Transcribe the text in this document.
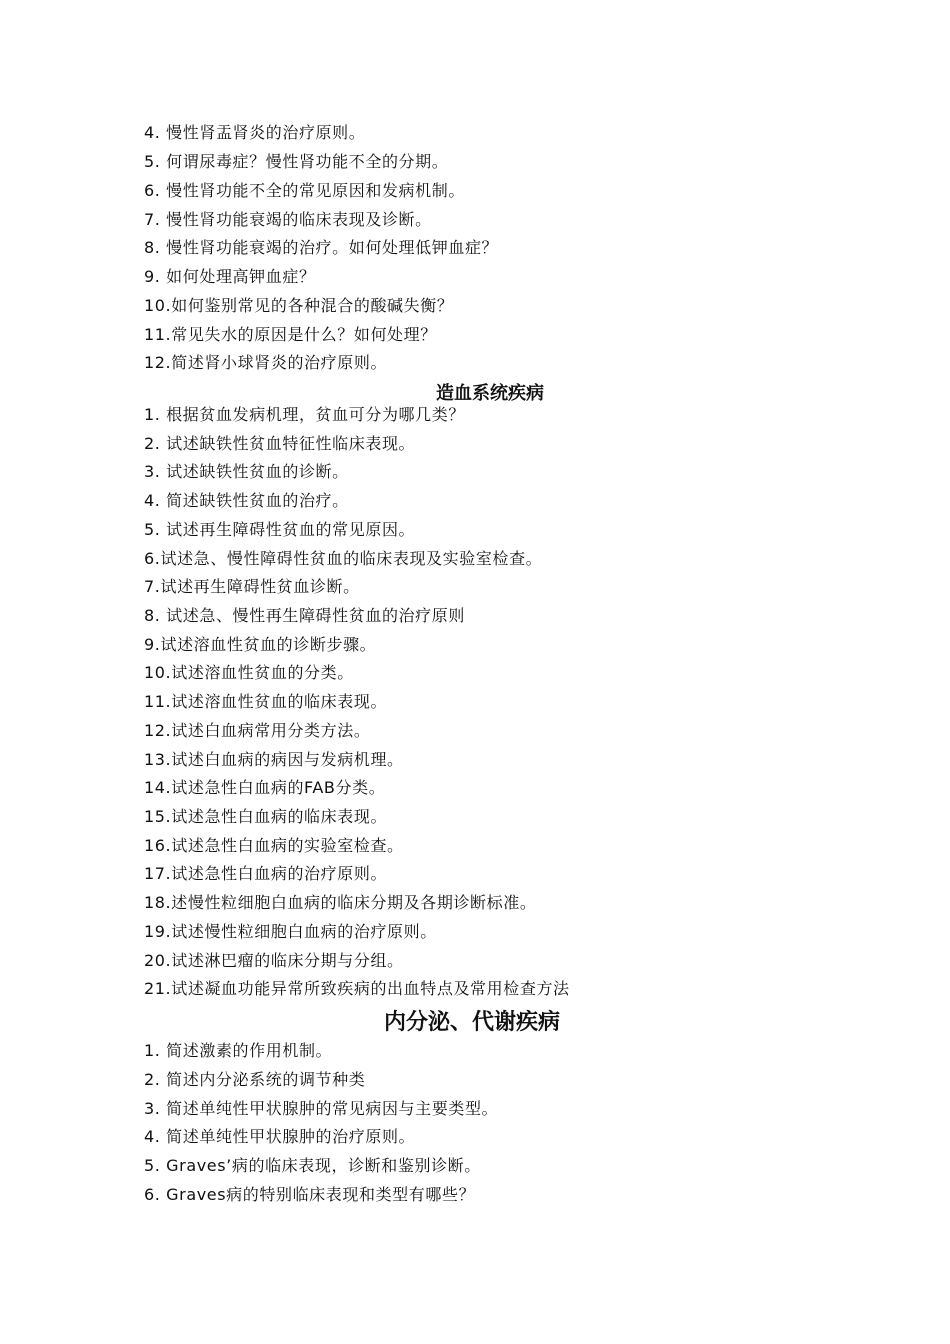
4. 慢性肾盂肾炎的治疗原则。
5. 何谓尿毒症？慢性肾功能不全的分期。
6. 慢性肾功能不全的常见原因和发病机制。
7. 慢性肾功能衰竭的临床表现及诊断。
8. 慢性肾功能衰竭的治疗。如何处理低钾血症？
9. 如何处理高钾血症？
10.如何鉴别常见的各种混合的酸碱失衡？
11.常见失水的原因是什么？如何处理？
12.简述肾小球肾炎的治疗原则。
造血系统疾病
1. 根据贫血发病机理，贫血可分为哪几类？
2. 试述缺铁性贫血特征性临床表现。
3. 试述缺铁性贫血的诊断。
4. 简述缺铁性贫血的治疗。
5. 试述再生障碍性贫血的常见原因。
6.试述急、慢性障碍性贫血的临床表现及实验室检查。
7.试述再生障碍性贫血诊断。
8. 试述急、慢性再生障碍性贫血的治疗原则
9.试述溶血性贫血的诊断步骤。
10.试述溶血性贫血的分类。
11.试述溶血性贫血的临床表现。
12.试述白血病常用分类方法。
13.试述白血病的病因与发病机理。
14.试述急性白血病的FAB分类。
15.试述急性白血病的临床表现。
16.试述急性白血病的实验室检查。
17.试述急性白血病的治疗原则。
18.述慢性粒细胞白血病的临床分期及各期诊断标准。
19.试述慢性粒细胞白血病的治疗原则。
20.试述淋巴瘤的临床分期与分组。
21.试述凝血功能异常所致疾病的出血特点及常用检查方法
内分泌、代谢疾病
1. 简述激素的作用机制。
2. 简述内分泌系统的调节种类
3. 简述单纯性甲状腺肿的常见病因与主要类型。
4. 简述单纯性甲状腺肿的治疗原则。
5. Graves’病的临床表现，诊断和鉴别诊断。
6. Graves病的特别临床表现和类型有哪些？
